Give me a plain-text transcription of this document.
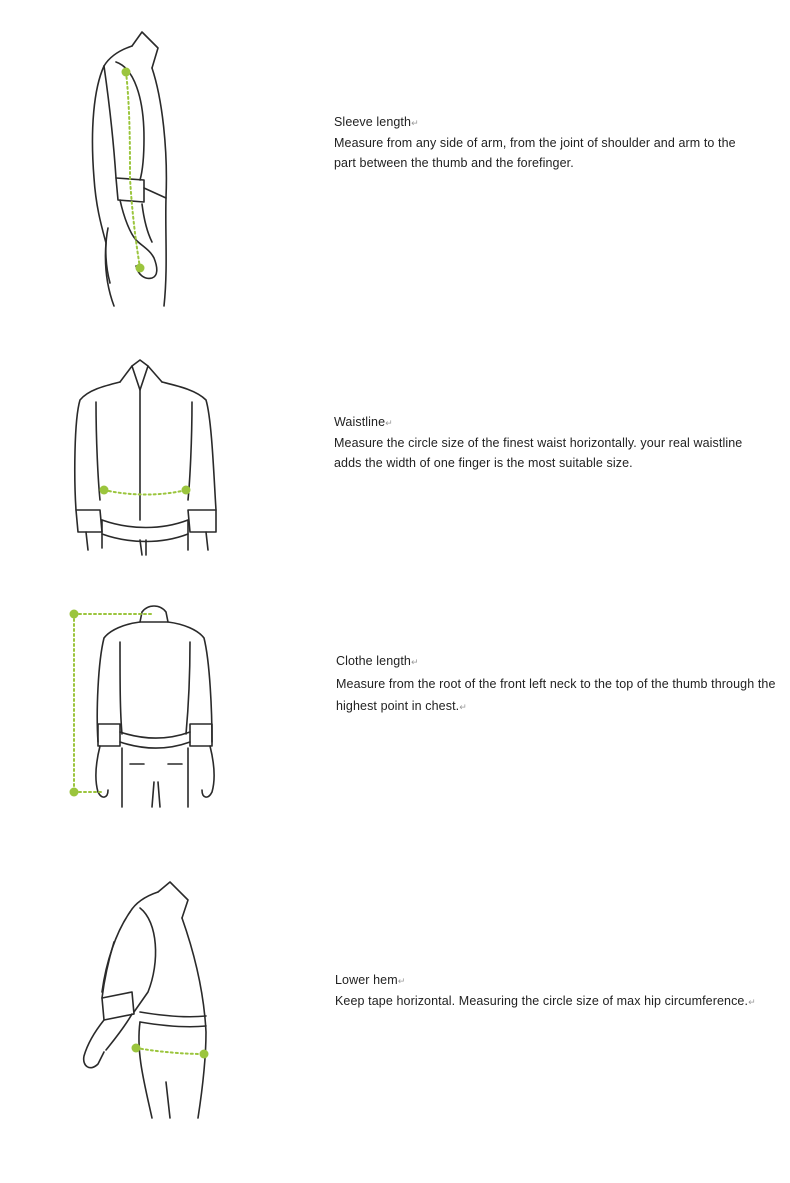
Sleeve length↵
Measure from any side of arm, from the joint of shoulder and arm to the part between the thumb and the forefinger.
Waistline↵
Measure the circle size of the finest waist horizontally. your real waistline adds the width of one finger is the most suitable size.
Clothe length↵
Measure from the root of the front left neck to the top of the thumb through the highest point in chest.↵
Lower hem↵
Keep tape horizontal. Measuring the circle size of max hip circumference.↵
